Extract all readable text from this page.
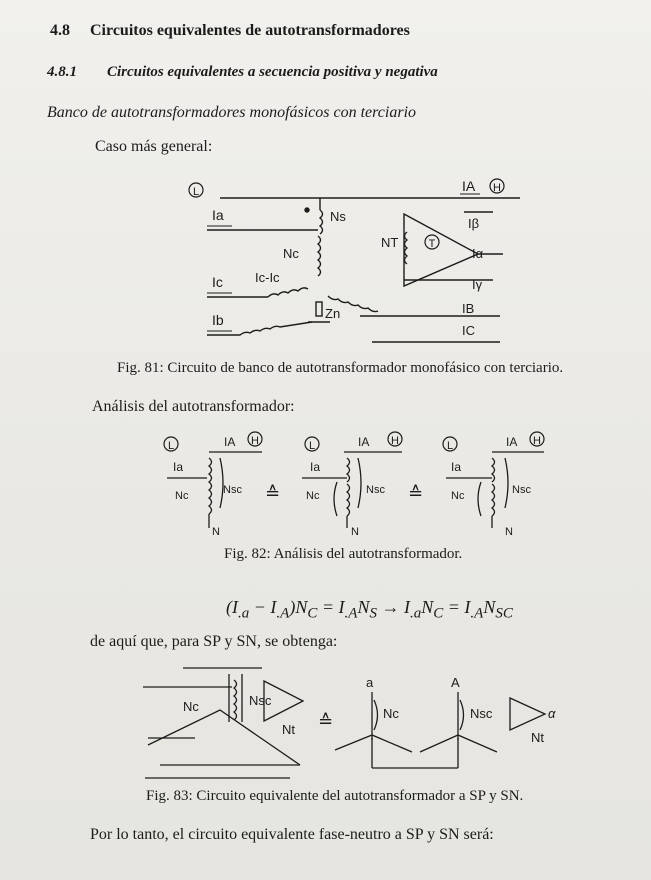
4.8 Circuitos equivalentes de autotransformadores
4.8.1 Circuitos equivalentes a secuencia positiva y negativa
Banco de autotransformadores monofásicos con terciario
Caso más general:
L	H
IA
Ia	Ns
Nc
NT	T
Iβ
Iα
Iγ
Ic Ic-Ic
Zn	IB
Ib
IC
Fig. 81: Circuito de banco de autotransformador monofásico con terciario.
Análisis del autotransformador:
L	H
IA
Ia
Nsc
Nc
N
≙
L	H
IA
Ia
Nsc
Nc
N
≙
L	H
IA
Ia
Nsc
Nc
N
Fig. 82: Análisis del autotransformador.
$(I_{.a} - I_{.A})N_C = I_{.A}N_S \to I_{.a}N_C = I_{.A}N_{SC}$
de aquí que, para SP y SN, se obtenga:
Nc	Nsc
Nt ≙
a
Nc
A
Nsc	α
Nt
Fig. 83: Circuito equivalente del autotransformador a SP y SN.
Por lo tanto, el circuito equivalente fase-neutro a SP y SN será:
